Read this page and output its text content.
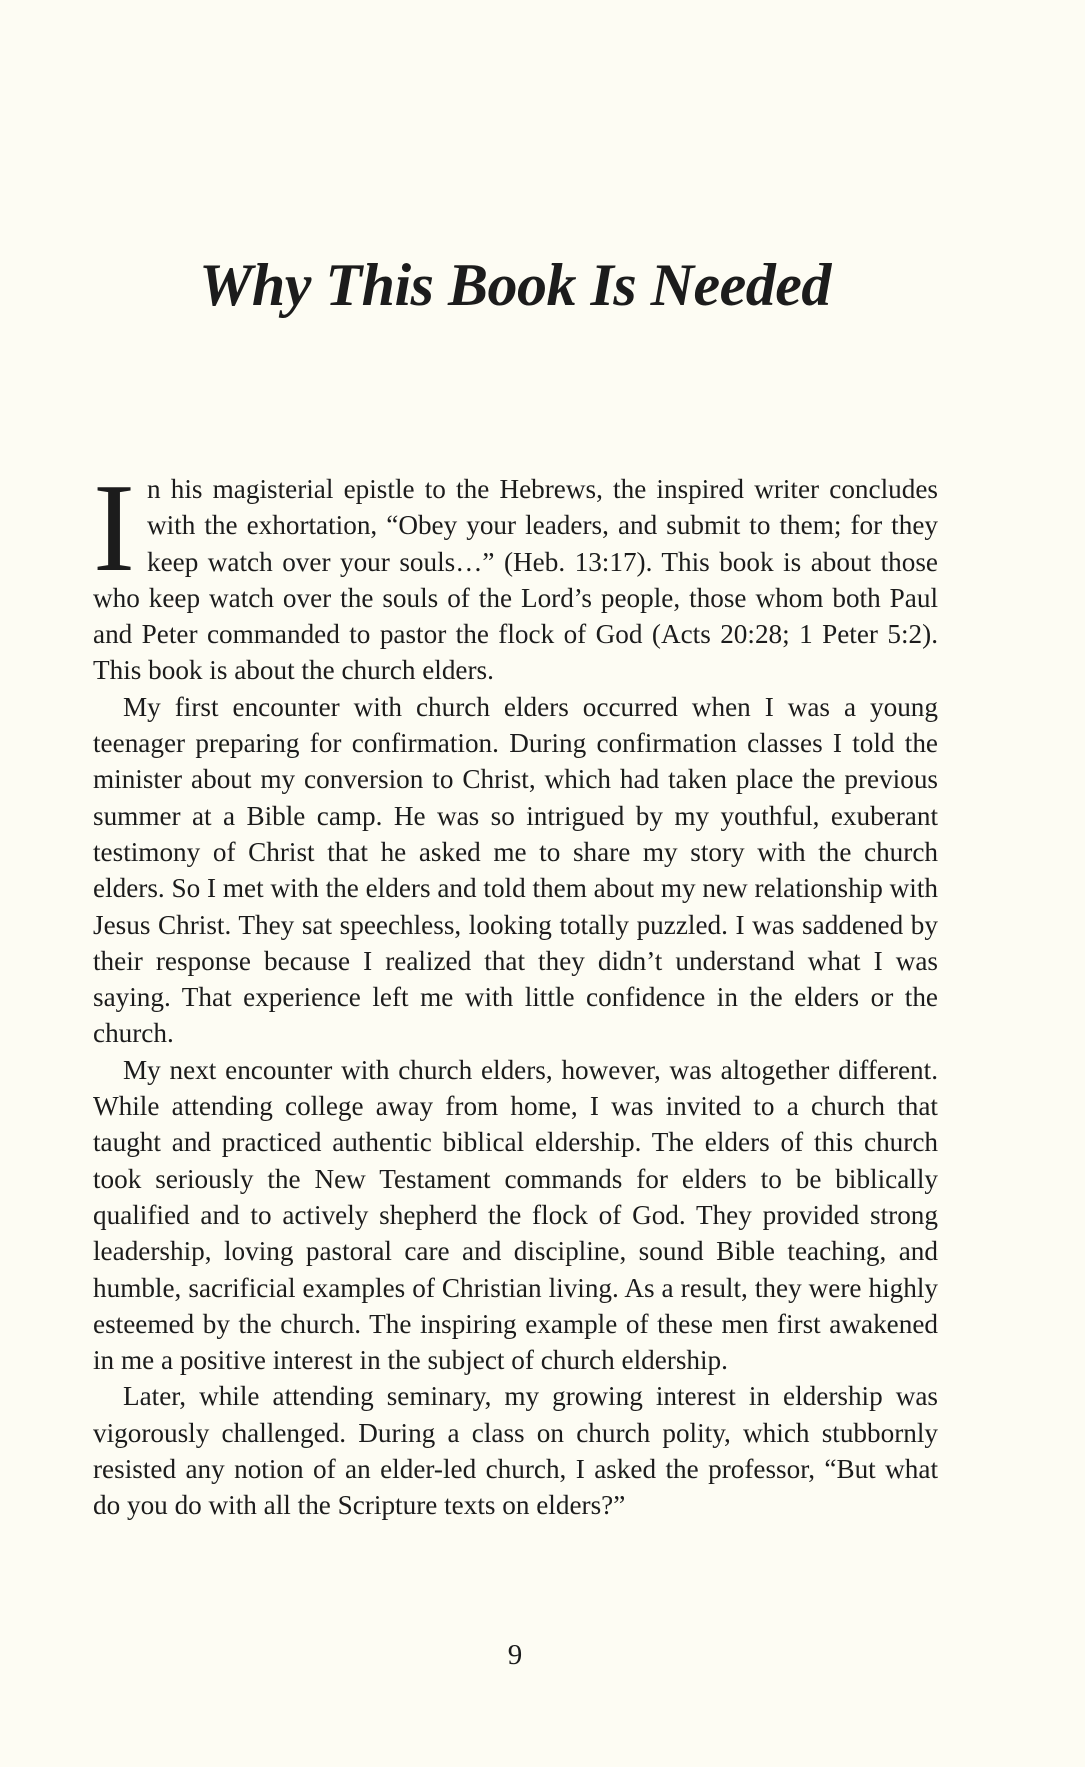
Why This Book Is Needed

In his magisterial epistle to the Hebrews, the inspired writer concludes with the exhortation, “Obey your leaders, and submit to them; for they keep watch over your souls…” (Heb. 13:17). This book is about those who keep watch over the souls of the Lord’s people, those whom both Paul and Peter commanded to pastor the flock of God (Acts 20:28; 1 Peter 5:2). This book is about the church elders.

My first encounter with church elders occurred when I was a young teenager preparing for confirmation. During confirmation classes I told the minister about my conversion to Christ, which had taken place the previous summer at a Bible camp. He was so intrigued by my youthful, exuberant testimony of Christ that he asked me to share my story with the church elders. So I met with the elders and told them about my new relationship with Jesus Christ. They sat speechless, looking totally puzzled. I was saddened by their response because I realized that they didn’t understand what I was saying. That experience left me with little confidence in the elders or the church.

My next encounter with church elders, however, was altogether different. While attending college away from home, I was invited to a church that taught and practiced authentic biblical eldership. The elders of this church took seriously the New Testament commands for elders to be biblically qualified and to actively shepherd the flock of God. They provided strong leadership, loving pastoral care and discipline, sound Bible teaching, and humble, sacrificial examples of Christian living. As a result, they were highly esteemed by the church. The inspiring example of these men first awakened in me a positive interest in the subject of church eldership.

Later, while attending seminary, my growing interest in eldership was vigorously challenged. During a class on church polity, which stubbornly resisted any notion of an elder-led church, I asked the professor, “But what do you do with all the Scripture texts on elders?”

9
